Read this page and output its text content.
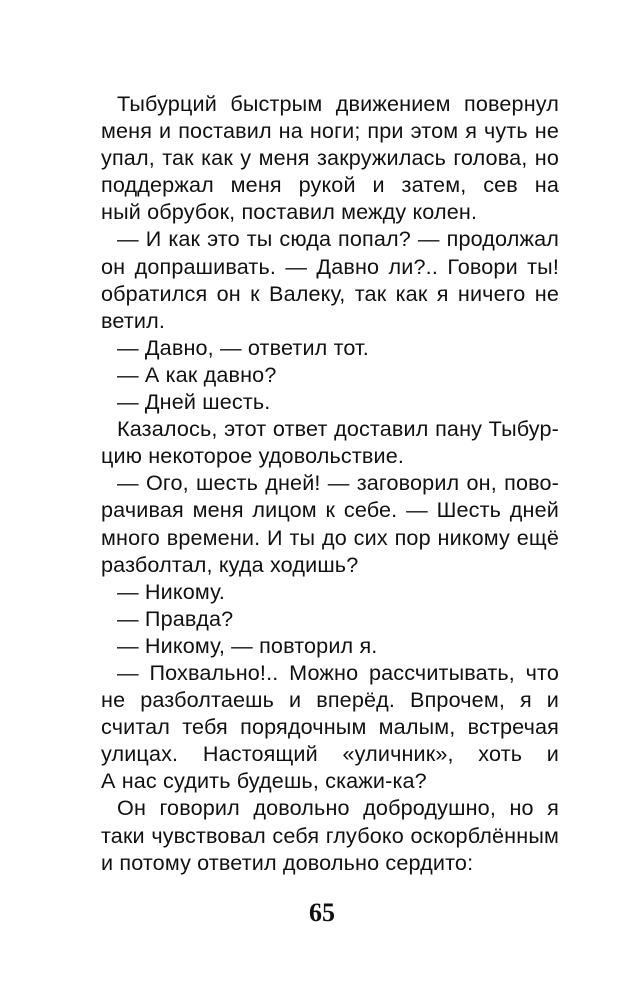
Тыбурций быстрым движением повернул
меня и поставил на ноги; при этом я чуть не
упал, так как у меня закружилась голова, но
поддержал меня рукой и затем, сев на
ный обрубок, поставил между колен.
— И как это ты сюда попал? — продолжал
он допрашивать. — Давно ли?.. Говори ты!
обратился он к Валеку, так как я ничего не
ветил.
— Давно, — ответил тот.
— А как давно?
— Дней шесть.
Казалось, этот ответ доставил пану Тыбур-
цию некоторое удовольствие.
— Ого, шесть дней! — заговорил он, пово-
рачивая меня лицом к себе. — Шесть дней
много времени. И ты до сих пор никому ещё
разболтал, куда ходишь?
— Никому.
— Правда?
— Никому, — повторил я.
— Похвально!.. Можно рассчитывать, что
не разболтаешь и вперёд. Впрочем, я и
считал тебя порядочным малым, встречая
улицах. Настоящий «уличник», хоть и
А нас судить будешь, скажи-ка?
Он говорил довольно добродушно, но я
таки чувствовал себя глубоко оскорблённым
и потому ответил довольно сердито:
65
